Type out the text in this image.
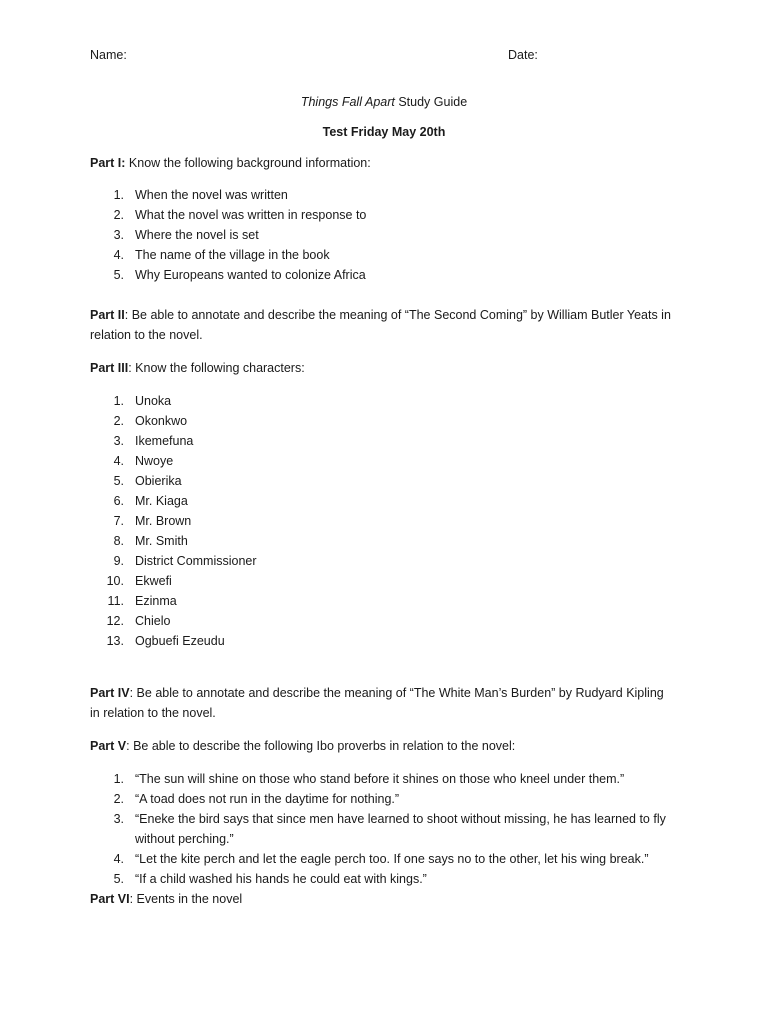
Name:	Date:
Things Fall Apart Study Guide
Test Friday May 20th
Part I: Know the following background information:
1. When the novel was written
2. What the novel was written in response to
3. Where the novel is set
4. The name of the village in the book
5. Why Europeans wanted to colonize Africa
Part II: Be able to annotate and describe the meaning of “The Second Coming” by William Butler Yeats in
relation to the novel.
Part III: Know the following characters:
1. Unoka
2. Okonkwo
3. Ikemefuna
4. Nwoye
5. Obierika
6. Mr. Kiaga
7. Mr. Brown
8. Mr. Smith
9. District Commissioner
10. Ekwefi
11. Ezinma
12. Chielo
13. Ogbuefi Ezeudu
Part IV: Be able to annotate and describe the meaning of “The White Man’s Burden” by Rudyard Kipling
in relation to the novel.
Part V: Be able to describe the following Ibo proverbs in relation to the novel:
1. “The sun will shine on those who stand before it shines on those who kneel under them.”
2. “A toad does not run in the daytime for nothing.”
3. “Eneke the bird says that since men have learned to shoot without missing, he has learned to fly without perching.”
4. “Let the kite perch and let the eagle perch too. If one says no to the other, let his wing break.”
5. “If a child washed his hands he could eat with kings.”
Part VI: Events in the novel
